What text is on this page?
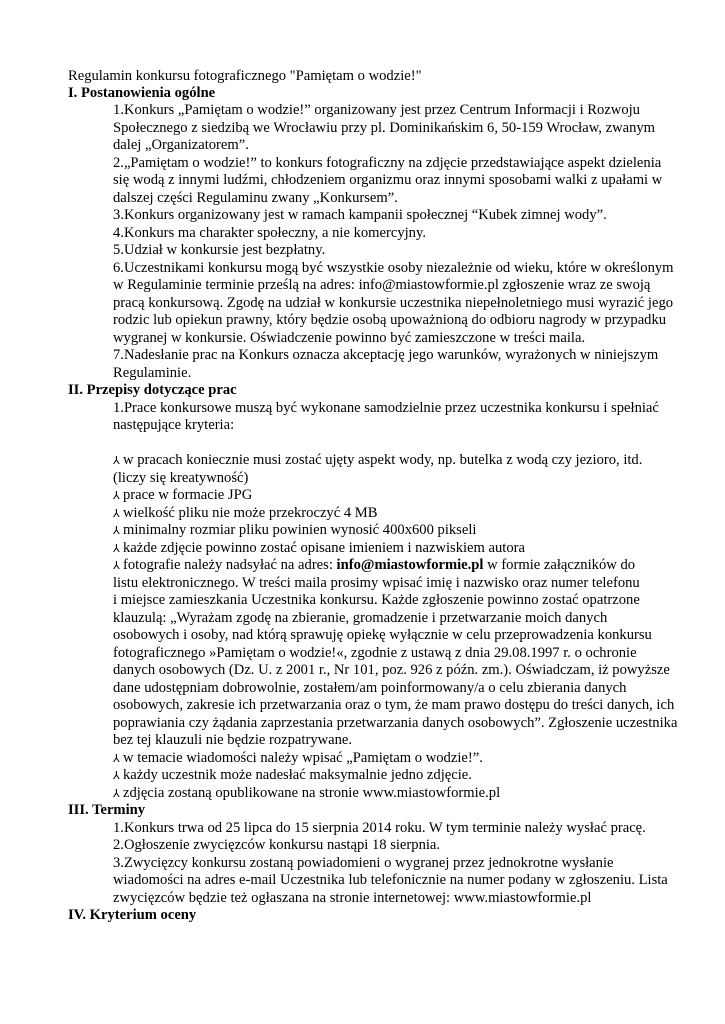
Regulamin konkursu fotograficznego "Pamiętam o wodzie!"
I. Postanowienia ogólne
1.Konkurs „Pamiętam o wodzie!” organizowany jest przez Centrum Informacji i Rozwoju
Społecznego z siedzibą we Wrocławiu przy pl. Dominikańskim 6, 50-159 Wrocław, zwanym
dalej „Organizatorem”.
2.„Pamiętam o wodzie!” to konkurs fotograficzny na zdjęcie przedstawiające aspekt dzielenia
się wodą z innymi ludźmi, chłodzeniem organizmu oraz innymi sposobami walki z upałami w
dalszej części Regulaminu zwany „Konkursem”.
3.Konkurs organizowany jest w ramach kampanii społecznej “Kubek zimnej wody”.
4.Konkurs ma charakter społeczny, a nie komercyjny.
5.Udział w konkursie jest bezpłatny.
6.Uczestnikami konkursu mogą być wszystkie osoby niezależnie od wieku, które w określonym
w Regulaminie terminie prześlą na adres: info@miastowformie.pl zgłoszenie wraz ze swoją
pracą konkursową. Zgodę na udział w konkursie uczestnika niepełnoletniego musi wyrazić jego
rodzic lub opiekun prawny, który będzie osobą upoważnioną do odbioru nagrody w przypadku
wygranej w konkursie. Oświadczenie powinno być zamieszczone w treści maila.
7.Nadesłanie prac na Konkurs oznacza akceptację jego warunków, wyrażonych w niniejszym
Regulaminie.
II. Przepisy dotyczące prac
1.Prace konkursowe muszą być wykonane samodzielnie przez uczestnika konkursu i spełniać
następujące kryteria:
⅄ w pracach koniecznie musi zostać ujęty aspekt wody, np. butelka z wodą czy jezioro, itd.
(liczy się kreatywność)
⅄ prace w formacie JPG
⅄ wielkość pliku nie może przekroczyć 4 MB
⅄ minimalny rozmiar pliku powinien wynosić 400x600 pikseli
⅄ każde zdjęcie powinno zostać opisane imieniem i nazwiskiem autora
⅄ fotografie należy nadsyłać na adres: info@miastowformie.pl w formie załączników do
listu elektronicznego. W treści maila prosimy wpisać imię i nazwisko oraz numer telefonu
i miejsce zamieszkania Uczestnika konkursu. Każde zgłoszenie powinno zostać opatrzone
klauzulą: „Wyrażam zgodę na zbieranie, gromadzenie i przetwarzanie moich danych
osobowych i osoby, nad którą sprawuję opiekę wyłącznie w celu przeprowadzenia konkursu
fotograficznego »Pamiętam o wodzie!«, zgodnie z ustawą z dnia 29.08.1997 r. o ochronie
danych osobowych (Dz. U. z 2001 r., Nr 101, poz. 926 z późn. zm.). Oświadczam, iż powyższe
dane udostępniam dobrowolnie, zostałem/am poinformowany/a o celu zbierania danych
osobowych, zakresie ich przetwarzania oraz o tym, że mam prawo dostępu do treści danych, ich
poprawiania czy żądania zaprzestania przetwarzania danych osobowych”. Zgłoszenie uczestnika
bez tej klauzuli nie będzie rozpatrywane.
⅄ w temacie wiadomości należy wpisać „Pamiętam o wodzie!”.
⅄ każdy uczestnik może nadesłać maksymalnie jedno zdjęcie.
⅄ zdjęcia zostaną opublikowane na stronie www.miastowformie.pl
III. Terminy
1.Konkurs trwa od 25 lipca do 15 sierpnia 2014 roku. W tym terminie należy wysłać pracę.
2.Ogłoszenie zwycięzców konkursu nastąpi 18 sierpnia.
3.Zwycięzcy konkursu zostaną powiadomieni o wygranej przez jednokrotne wysłanie
wiadomości na adres e-mail Uczestnika lub telefonicznie na numer podany w zgłoszeniu. Lista
zwycięzców będzie też ogłaszana na stronie internetowej: www.miastowformie.pl
IV. Kryterium oceny
